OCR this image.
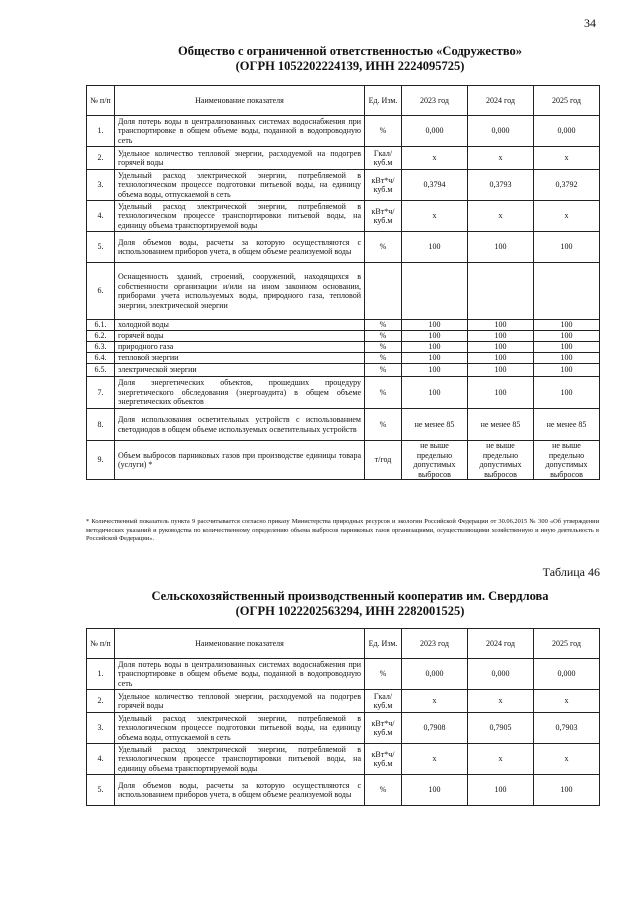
34
Общество с ограниченной ответственностью «Содружество»
(ОГРН 1052202224139, ИНН 2224095725)
№ п/п	Наименование показателя	Ед. Изм.	2023 год	2024 год	2025 год
1.	Доля потерь воды в централизованных системах водоснабжения при транспортировке в общем объеме воды, поданной в водопроводную сеть	%	0,000	0,000	0,000
2.	Удельное количество тепловой энергии, расходуемой на подогрев горячей воды	Гкал/ куб.м	х	х	х
3.	Удельный расход электрической энергии, потребляемой в технологическом процессе подготовки питьевой воды, на единицу объема воды, отпускаемой в сеть	кВт*ч/ куб.м	0,3794	0,3793	0,3792
4.	Удельный расход электрической энергии, потребляемой в технологическом процессе транспортировки питьевой воды, на единицу объема транспортируемой воды	кВт*ч/ куб.м	х	х	х
5.	Доля объемов воды, расчеты за которую осуществляются с использованием приборов учета, в общем объеме реализуемой воды	%	100	100	100
6.	Оснащенность зданий, строений, сооружений, находящихся в собственности организации и/или на ином законном основании, приборами учета используемых воды, природного газа, тепловой энергии, электрической энергии				
6.1.	холодной воды	%	100	100	100
6.2.	горячей воды	%	100	100	100
6.3.	природного газа	%	100	100	100
6.4.	тепловой энергии	%	100	100	100
6.5.	электрической энергии	%	100	100	100
7.	Доля энергетических объектов, прошедших процедуру энергетического обследования (энергоаудита) в общем объеме энергетических объектов	%	100	100	100
8.	Доля использования осветительных устройств с использованием светодиодов в общем объеме используемых осветительных устройств	%	не менее 85	не менее 85	не менее 85
9.	Объем выбросов парниковых газов при производстве единицы товара (услуги) *	т/год	не выше предельно допустимых выбросов	не выше предельно допустимых выбросов	не выше предельно допустимых выбросов
* Количественный показатель пункта 9 рассчитывается согласно приказу Министерства природных ресурсов и экологии Российской Федерации от 30.06.2015 № 300 «Об утверждении методических указаний и руководства по количественному определению объема выбросов парниковых газов организациями, осуществляющими хозяйственную и иную деятельность в Российской Федерации».
Таблица 46
Сельскохозяйственный производственный кооператив им. Свердлова
(ОГРН 1022202563294, ИНН 2282001525)
№ п/п	Наименование показателя	Ед. Изм.	2023 год	2024 год	2025 год
1.	Доля потерь воды в централизованных системах водоснабжения при транспортировке в общем объеме воды, поданной в водопроводную сеть	%	0,000	0,000	0,000
2.	Удельное количество тепловой энергии, расходуемой на подогрев горячей воды	Гкал/ куб.м	х	х	х
3.	Удельный расход электрической энергии, потребляемой в технологическом процессе подготовки питьевой воды, на единицу объема воды, отпускаемой в сеть	кВт*ч/ куб.м	0,7908	0,7905	0,7903
4.	Удельный расход электрической энергии, потребляемой в технологическом процессе транспортировки питьевой воды, на единицу объема транспортируемой воды	кВт*ч/ куб.м	х	х	х
5.	Доля объемов воды, расчеты за которую осуществляются с использованием приборов учета, в общем объеме реализуемой воды	%	100	100	100
